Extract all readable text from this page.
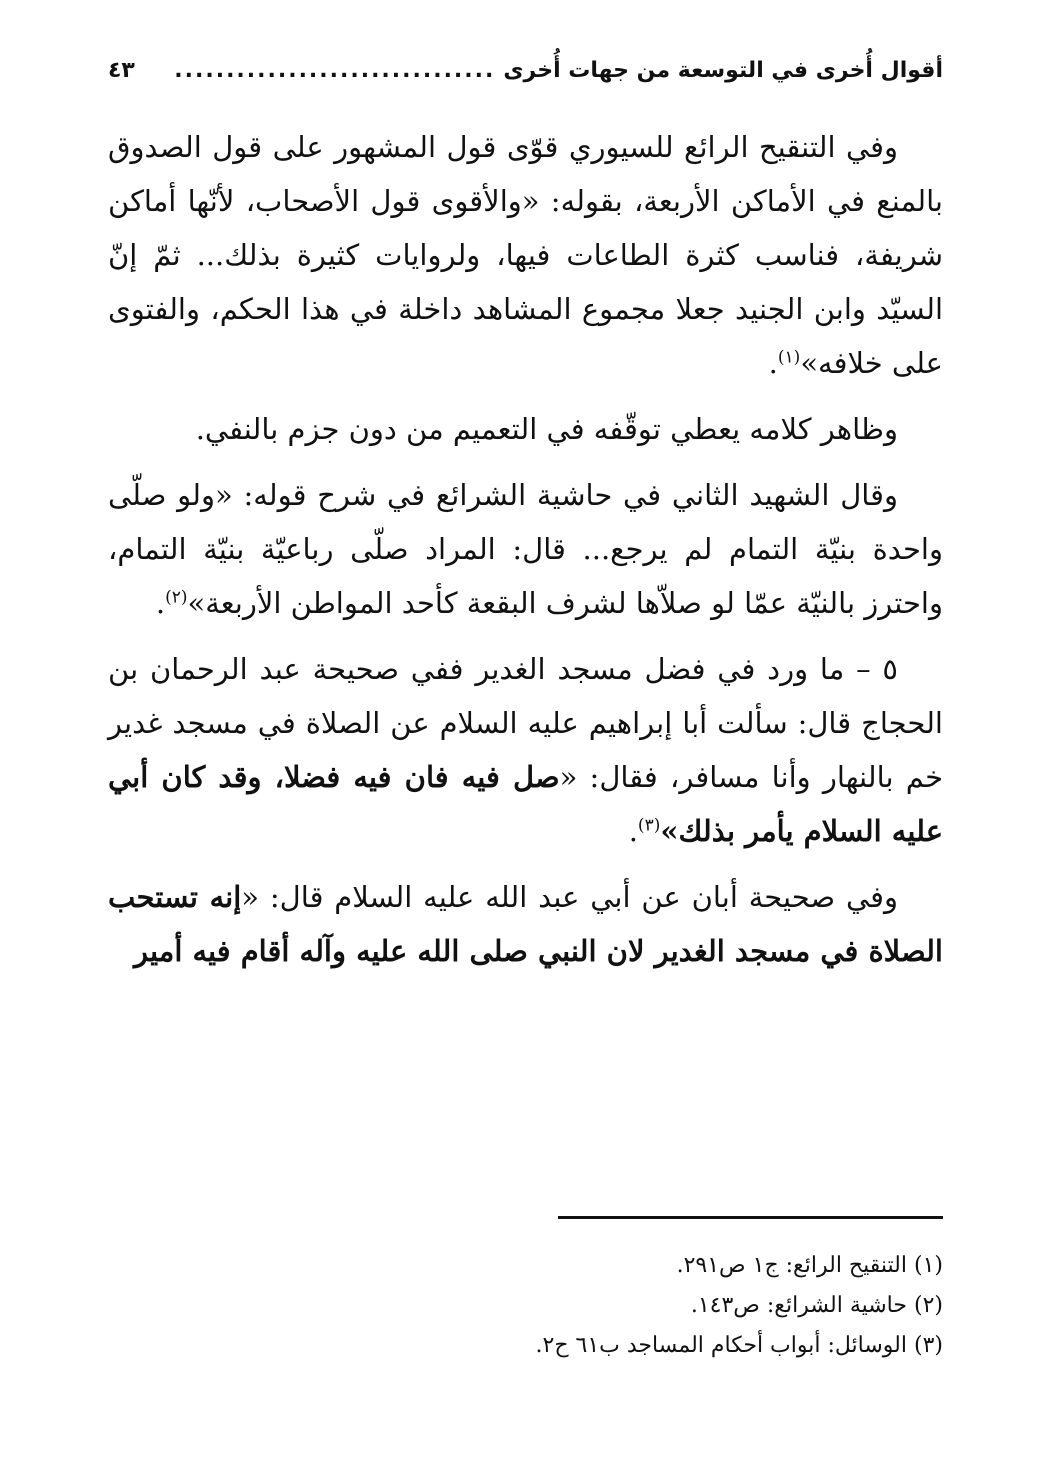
أقوال أُخرى في التوسعة من جهات أُخرى
...............................
٤٣

وفي التنقيح الرائع للسيوري قوّى قول المشهور على قول الصدوق بالمنع في الأماكن الأربعة، بقوله: «والأقوى قول الأصحاب، لأنّها أماكن شريفة، فناسب كثرة الطاعات فيها، ولروايات كثيرة بذلك... ثمّ إنّ السيّد وابن الجنيد جعلا مجموع المشاهد داخلة في هذا الحكم، والفتوى على خلافه»$^{(١)}$.

وظاهر كلامه يعطي توقّفه في التعميم من دون جزم بالنفي.

وقال الشهيد الثاني في حاشية الشرائع في شرح قوله: «ولو صلّى واحدة بنيّة التمام لم يرجع... قال: المراد صلّى رباعيّة بنيّة التمام، واحترز بالنيّة عمّا لو صلاّها لشرف البقعة كأحد المواطن الأربعة»$^{(٢)}$.

٥ – ما ورد في فضل مسجد الغدير ففي صحيحة عبد الرحمان بن الحجاج قال: سألت أبا إبراهيم عليه السلام عن الصلاة في مسجد غدير خم بالنهار وأنا مسافر، فقال: «صل فيه فان فيه فضلا، وقد كان أبي عليه السلام يأمر بذلك»$^{(٣)}$.

وفي صحيحة أبان عن أبي عبد الله عليه السلام قال: «إنه تستحب الصلاة في مسجد الغدير لان النبي صلى الله عليه وآله أقام فيه أمير

(١) التنقيح الرائع: ج١ ص٢٩١.

(٢) حاشية الشرائع: ص١٤٣.

(٣) الوسائل: أبواب أحكام المساجد ب٦١ ح٢.
